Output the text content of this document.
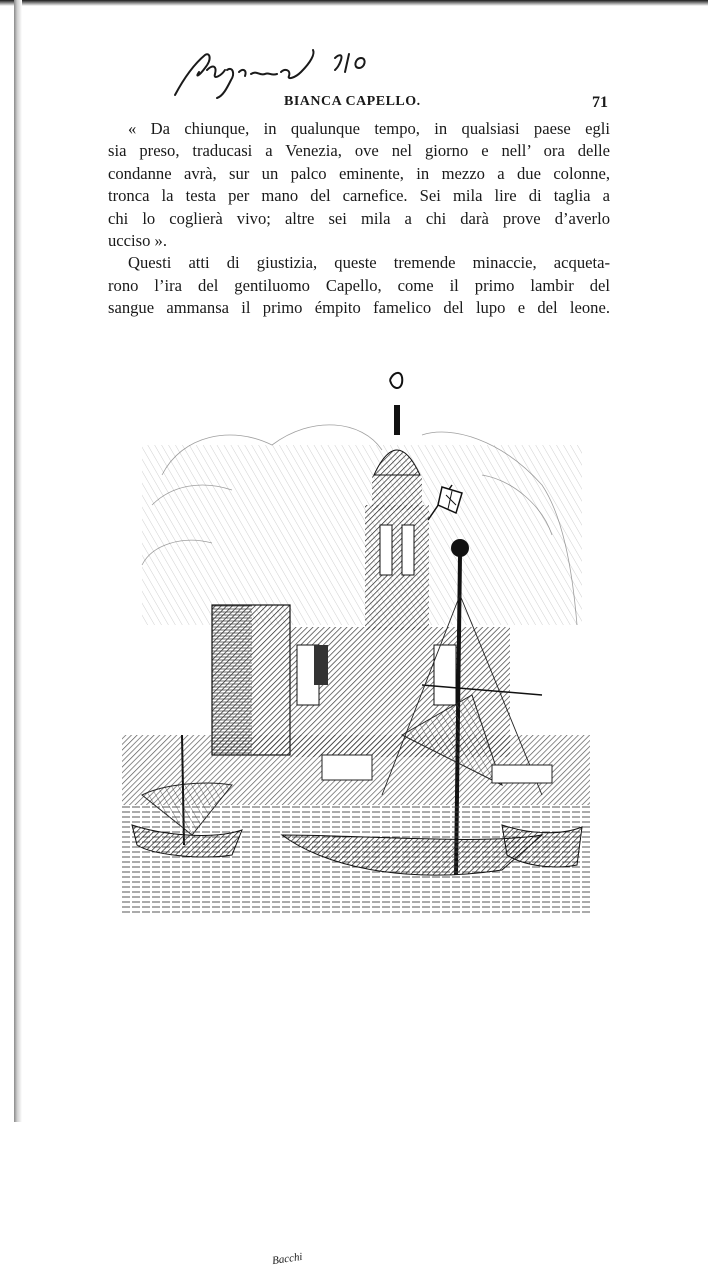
BIANCA CAPELLO.	71
« Da chiunque, in qualunque tempo, in qualsiasi paese egli
sia preso, traducasi a Venezia, ove nel giorno e nell’ ora delle
condanne avrà, sur un palco eminente, in mezzo a due colonne,
tronca la testa per mano del carnefice. Sei mila lire di taglia a
chi lo coglierà vivo; altre sei mila a chi darà prove d’averlo
ucciso ».
Questi atti di giustizia, queste tremende minaccie, acqueta-
rono l’ira del gentiluomo Capello, come il primo lambir del
sangue ammansa il primo émpito famelico del lupo e del leone.
Bacchi
